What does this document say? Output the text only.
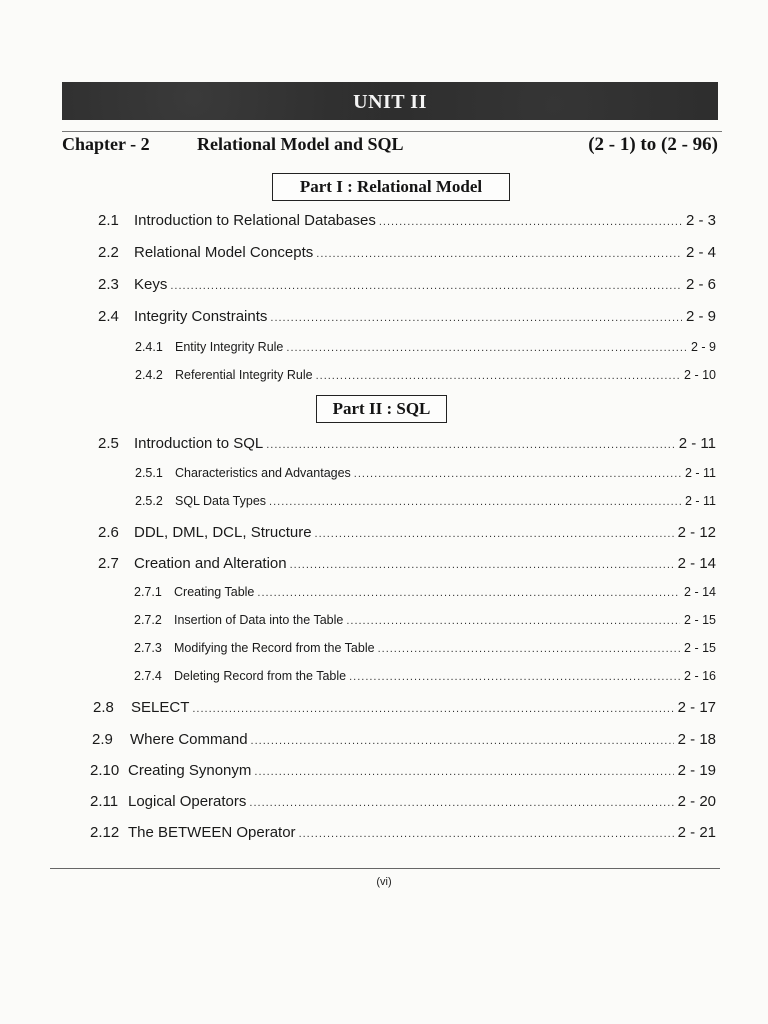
UNIT II
Chapter - 2	Relational Model and SQL	(2 - 1) to (2 - 96)
Part I : Relational Model
Part II : SQL
2.1	Introduction to Relational Databases .....	2 - 3
2.2	Relational Model Concepts .....	2 - 4
2.3	Keys .....	2 - 6
2.4	Integrity Constraints .....	2 - 9
2.4.1 Entity Integrity Rule .....	2 - 9
2.4.2 Referential Integrity Rule .....	2 - 10
2.5	Introduction to SQL .....	2 - 11
2.5.1 Characteristics and Advantages .....	2 - 11
2.5.2 SQL Data Types .....	2 - 11
2.6	DDL, DML, DCL, Structure .....	2 - 12
2.7	Creation and Alteration .....	2 - 14
2.7.1 Creating Table .....	2 - 14
2.7.2 Insertion of Data into the Table .....	2 - 15
2.7.3 Modifying the Record from the Table .....	2 - 15
2.7.4 Deleting Record from the Table .....	2 - 16
2.8	SELECT .....	2 - 17
2.9	Where Command .....	2 - 18
2.10 Creating Synonym .....	2 - 19
2.11 Logical Operators .....	2 - 20
2.12 The BETWEEN Operator .....	2 - 21
(vi)
